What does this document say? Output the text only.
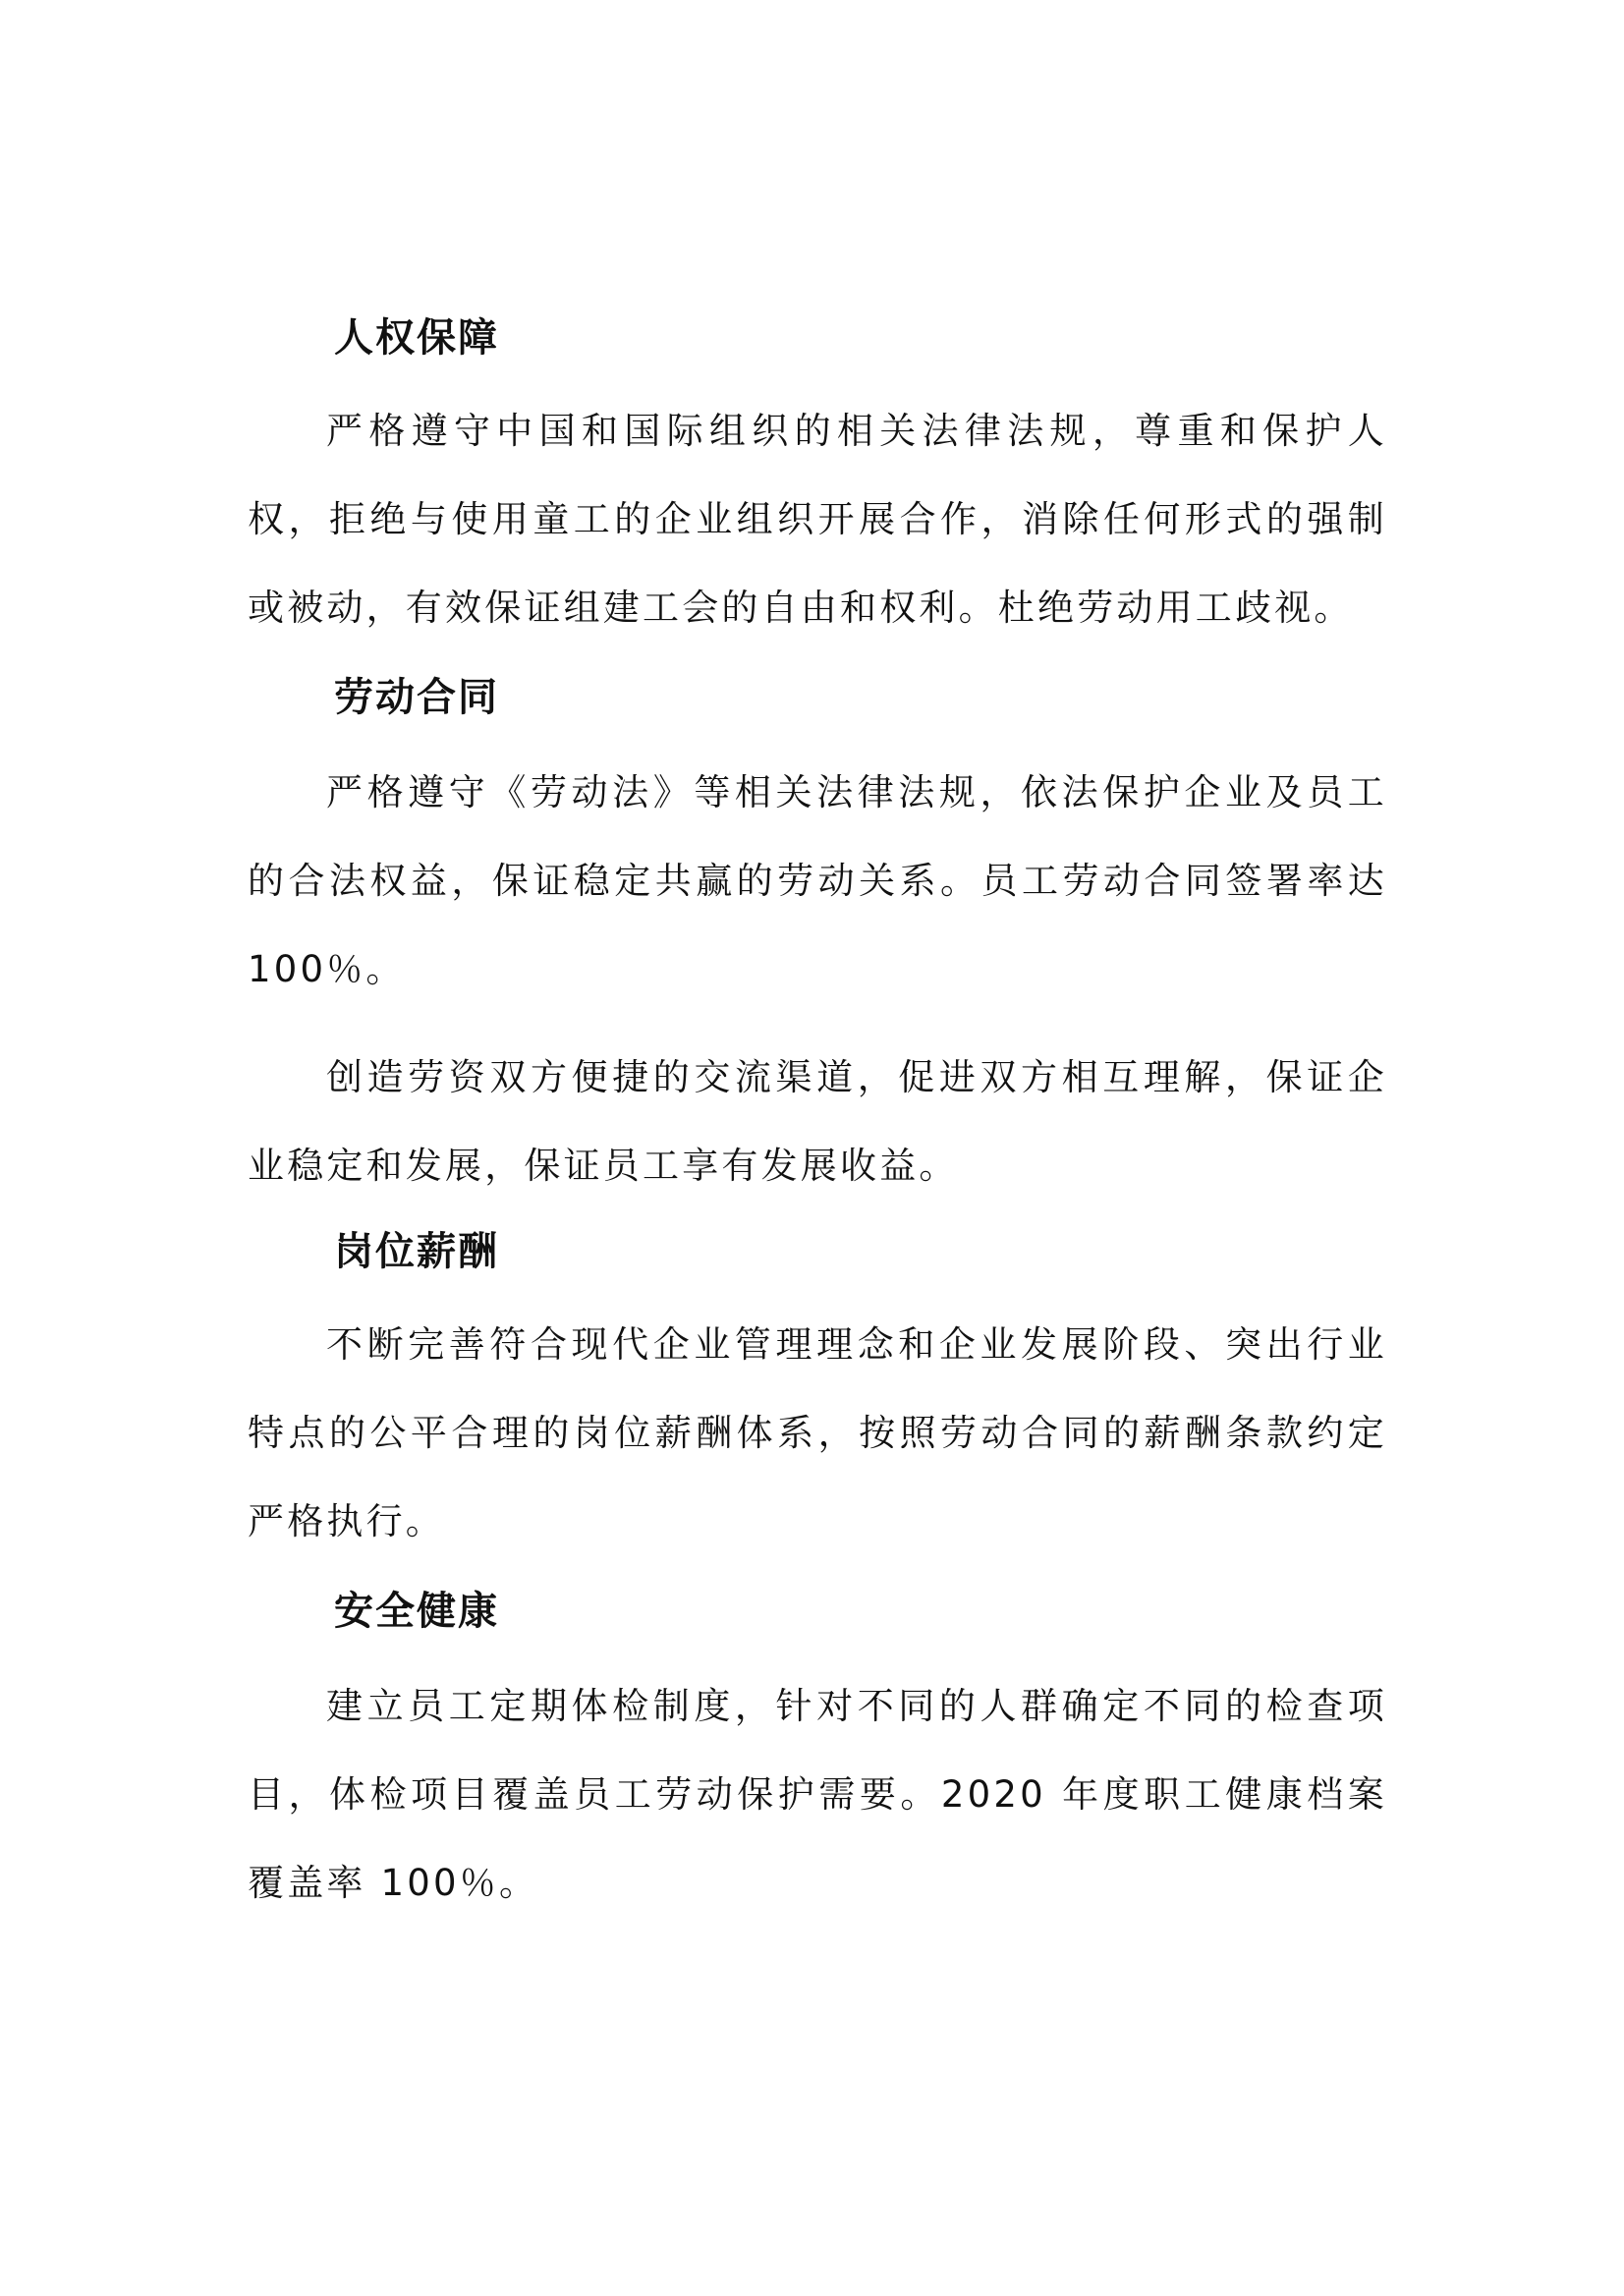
人权保障

严格遵守中国和国际组织的相关法律法规，尊重和保护人权，拒绝与使用童工的企业组织开展合作，消除任何形式的强制或被动，有效保证组建工会的自由和权利。杜绝劳动用工歧视。

劳动合同

严格遵守《劳动法》等相关法律法规，依法保护企业及员工的合法权益，保证稳定共赢的劳动关系。员工劳动合同签署率达100％。

创造劳资双方便捷的交流渠道，促进双方相互理解，保证企业稳定和发展，保证员工享有发展收益。

岗位薪酬

不断完善符合现代企业管理理念和企业发展阶段、突出行业特点的公平合理的岗位薪酬体系，按照劳动合同的薪酬条款约定严格执行。

安全健康

建立员工定期体检制度，针对不同的人群确定不同的检查项目，体检项目覆盖员工劳动保护需要。2020 年度职工健康档案覆盖率 100％。
